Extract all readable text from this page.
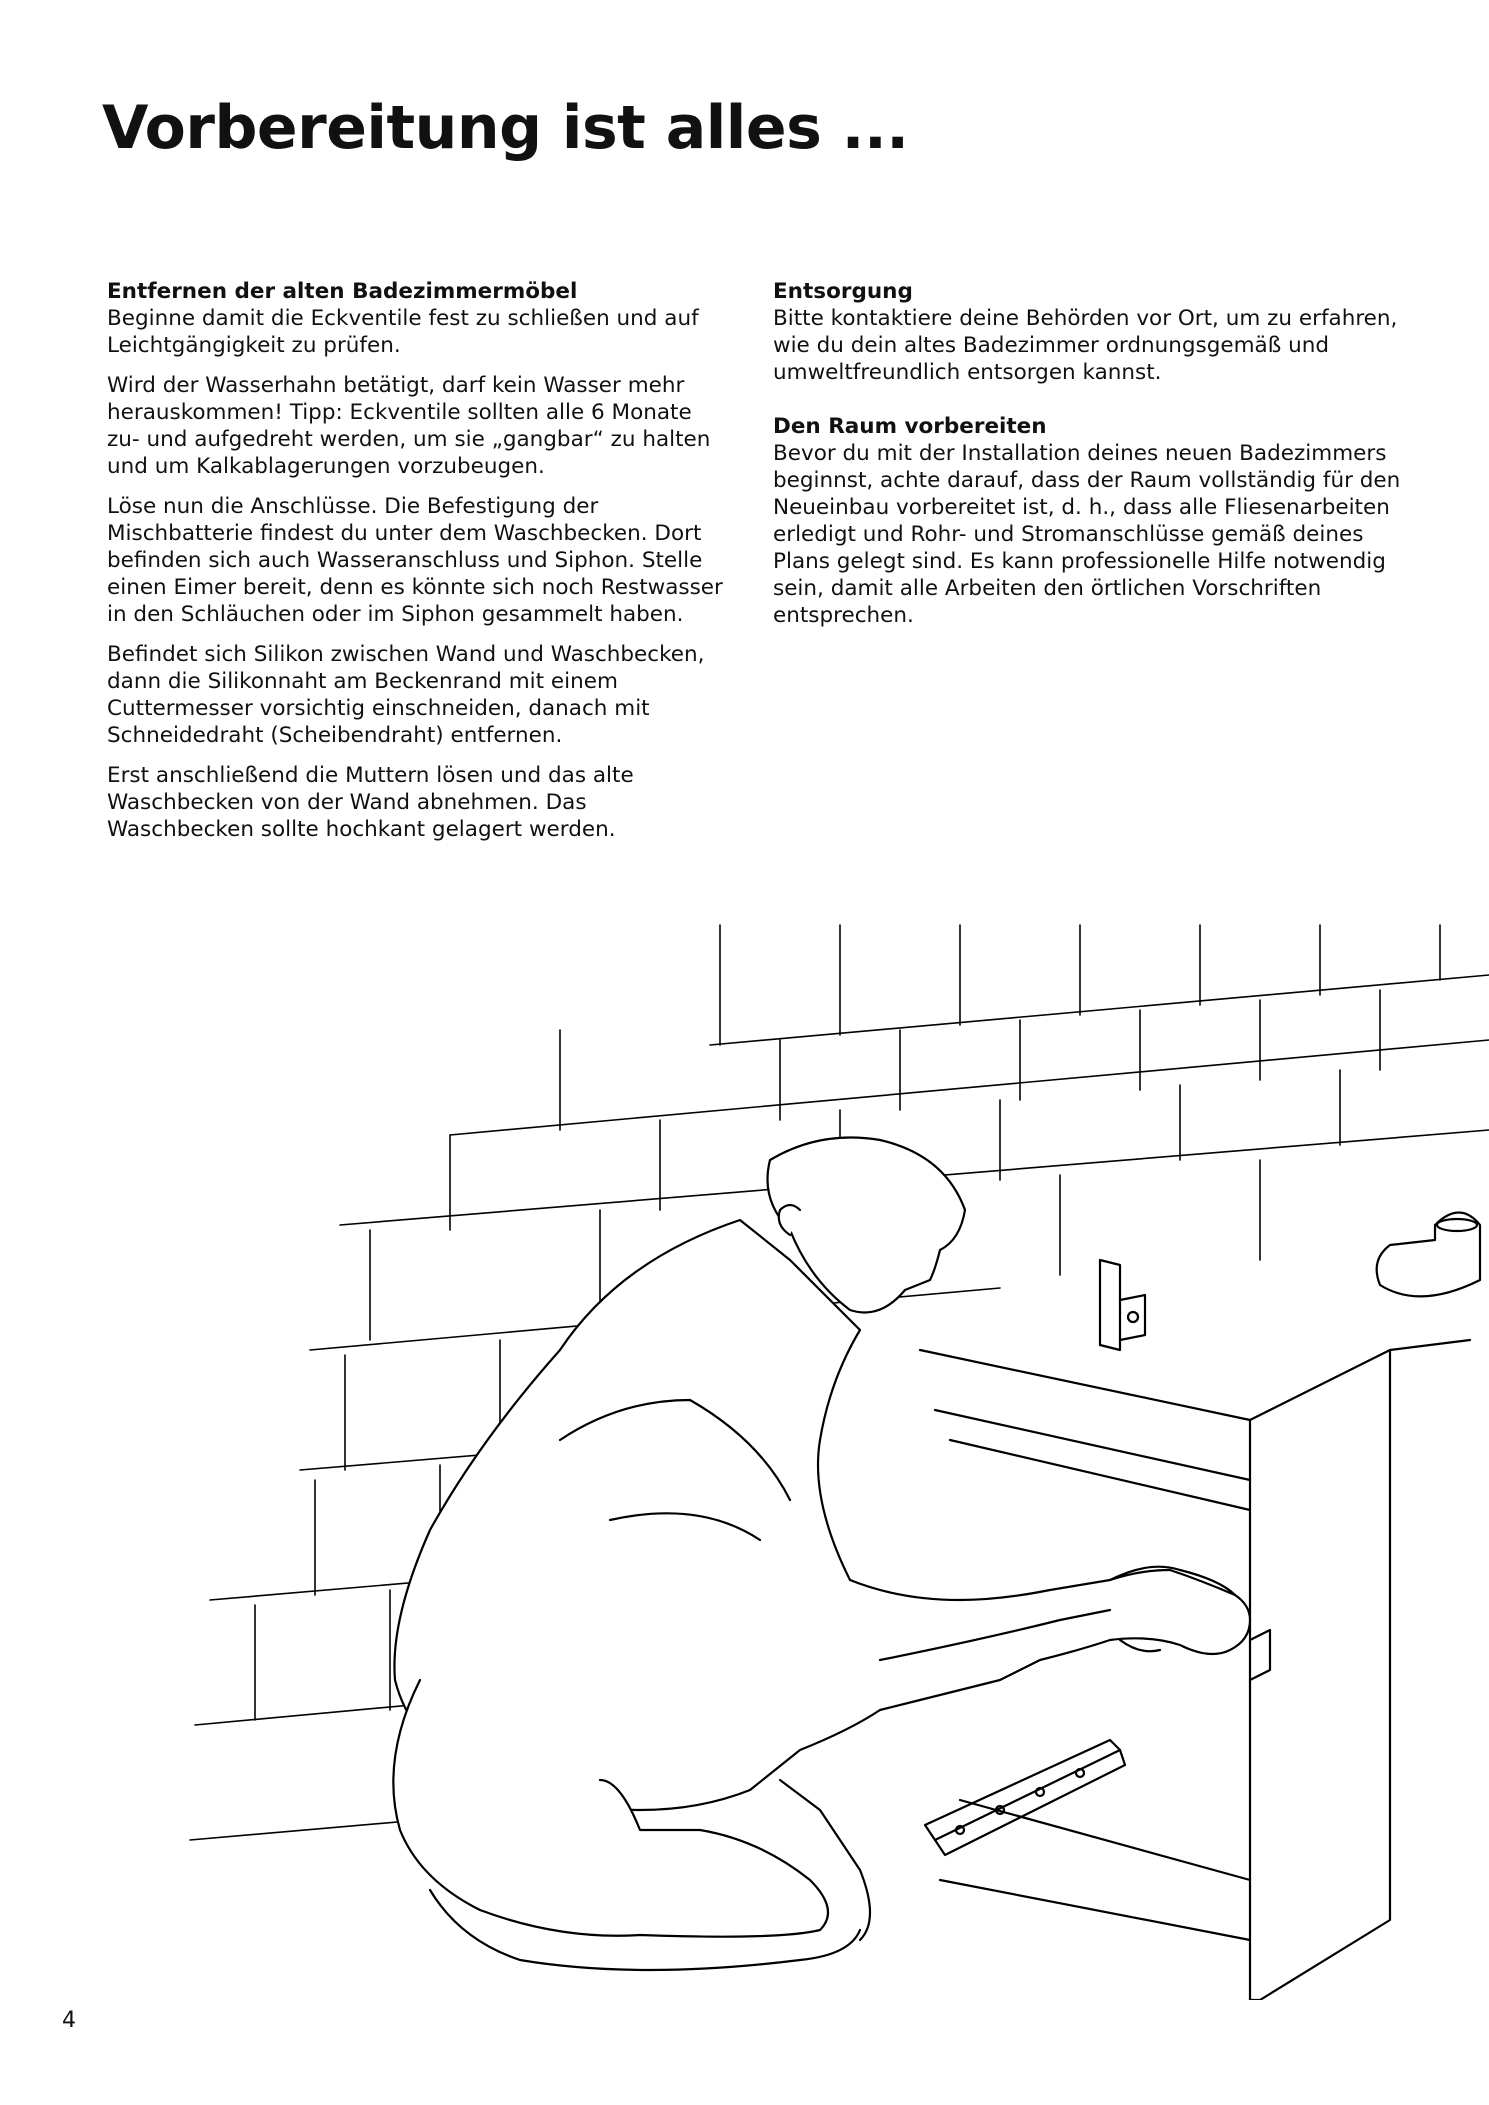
Vorbereitung ist alles ...

Entfernen der alten Badezimmermöbel
Beginne damit die Eckventile fest zu schließen und auf Leichtgängigkeit zu prüfen.

Wird der Wasserhahn betätigt, darf kein Wasser mehr herauskommen! Tipp: Eckventile sollten alle 6 Monate zu- und aufgedreht werden, um sie „gangbar“ zu halten und um Kalkablagerungen vorzubeugen.

Löse nun die Anschlüsse. Die Befestigung der Mischbatterie findest du unter dem Waschbecken. Dort befinden sich auch Wasseranschluss und Siphon. Stelle einen Eimer bereit, denn es könnte sich noch Restwasser in den Schläuchen oder im Siphon gesammelt haben.

Befindet sich Silikon zwischen Wand und Waschbecken, dann die Silikonnaht am Beckenrand mit einem Cuttermesser vorsichtig einschneiden, danach mit Schneidedraht (Scheibendraht) entfernen.

Erst anschließend die Muttern lösen und das alte Waschbecken von der Wand abnehmen. Das Waschbecken sollte hochkant gelagert werden.

Entsorgung
Bitte kontaktiere deine Behörden vor Ort, um zu erfahren, wie du dein altes Badezimmer ordnungsgemäß und umweltfreundlich entsorgen kannst.

Den Raum vorbereiten
Bevor du mit der Installation deines neuen Badezimmers beginnst, achte darauf, dass der Raum vollständig für den Neueinbau vorbereitet ist, d. h., dass alle Fliesenarbeiten erledigt und Rohr- und Stromanschlüsse gemäß deines Plans gelegt sind. Es kann professionelle Hilfe notwendig sein, damit alle Arbeiten den örtlichen Vorschriften entsprechen.

4
